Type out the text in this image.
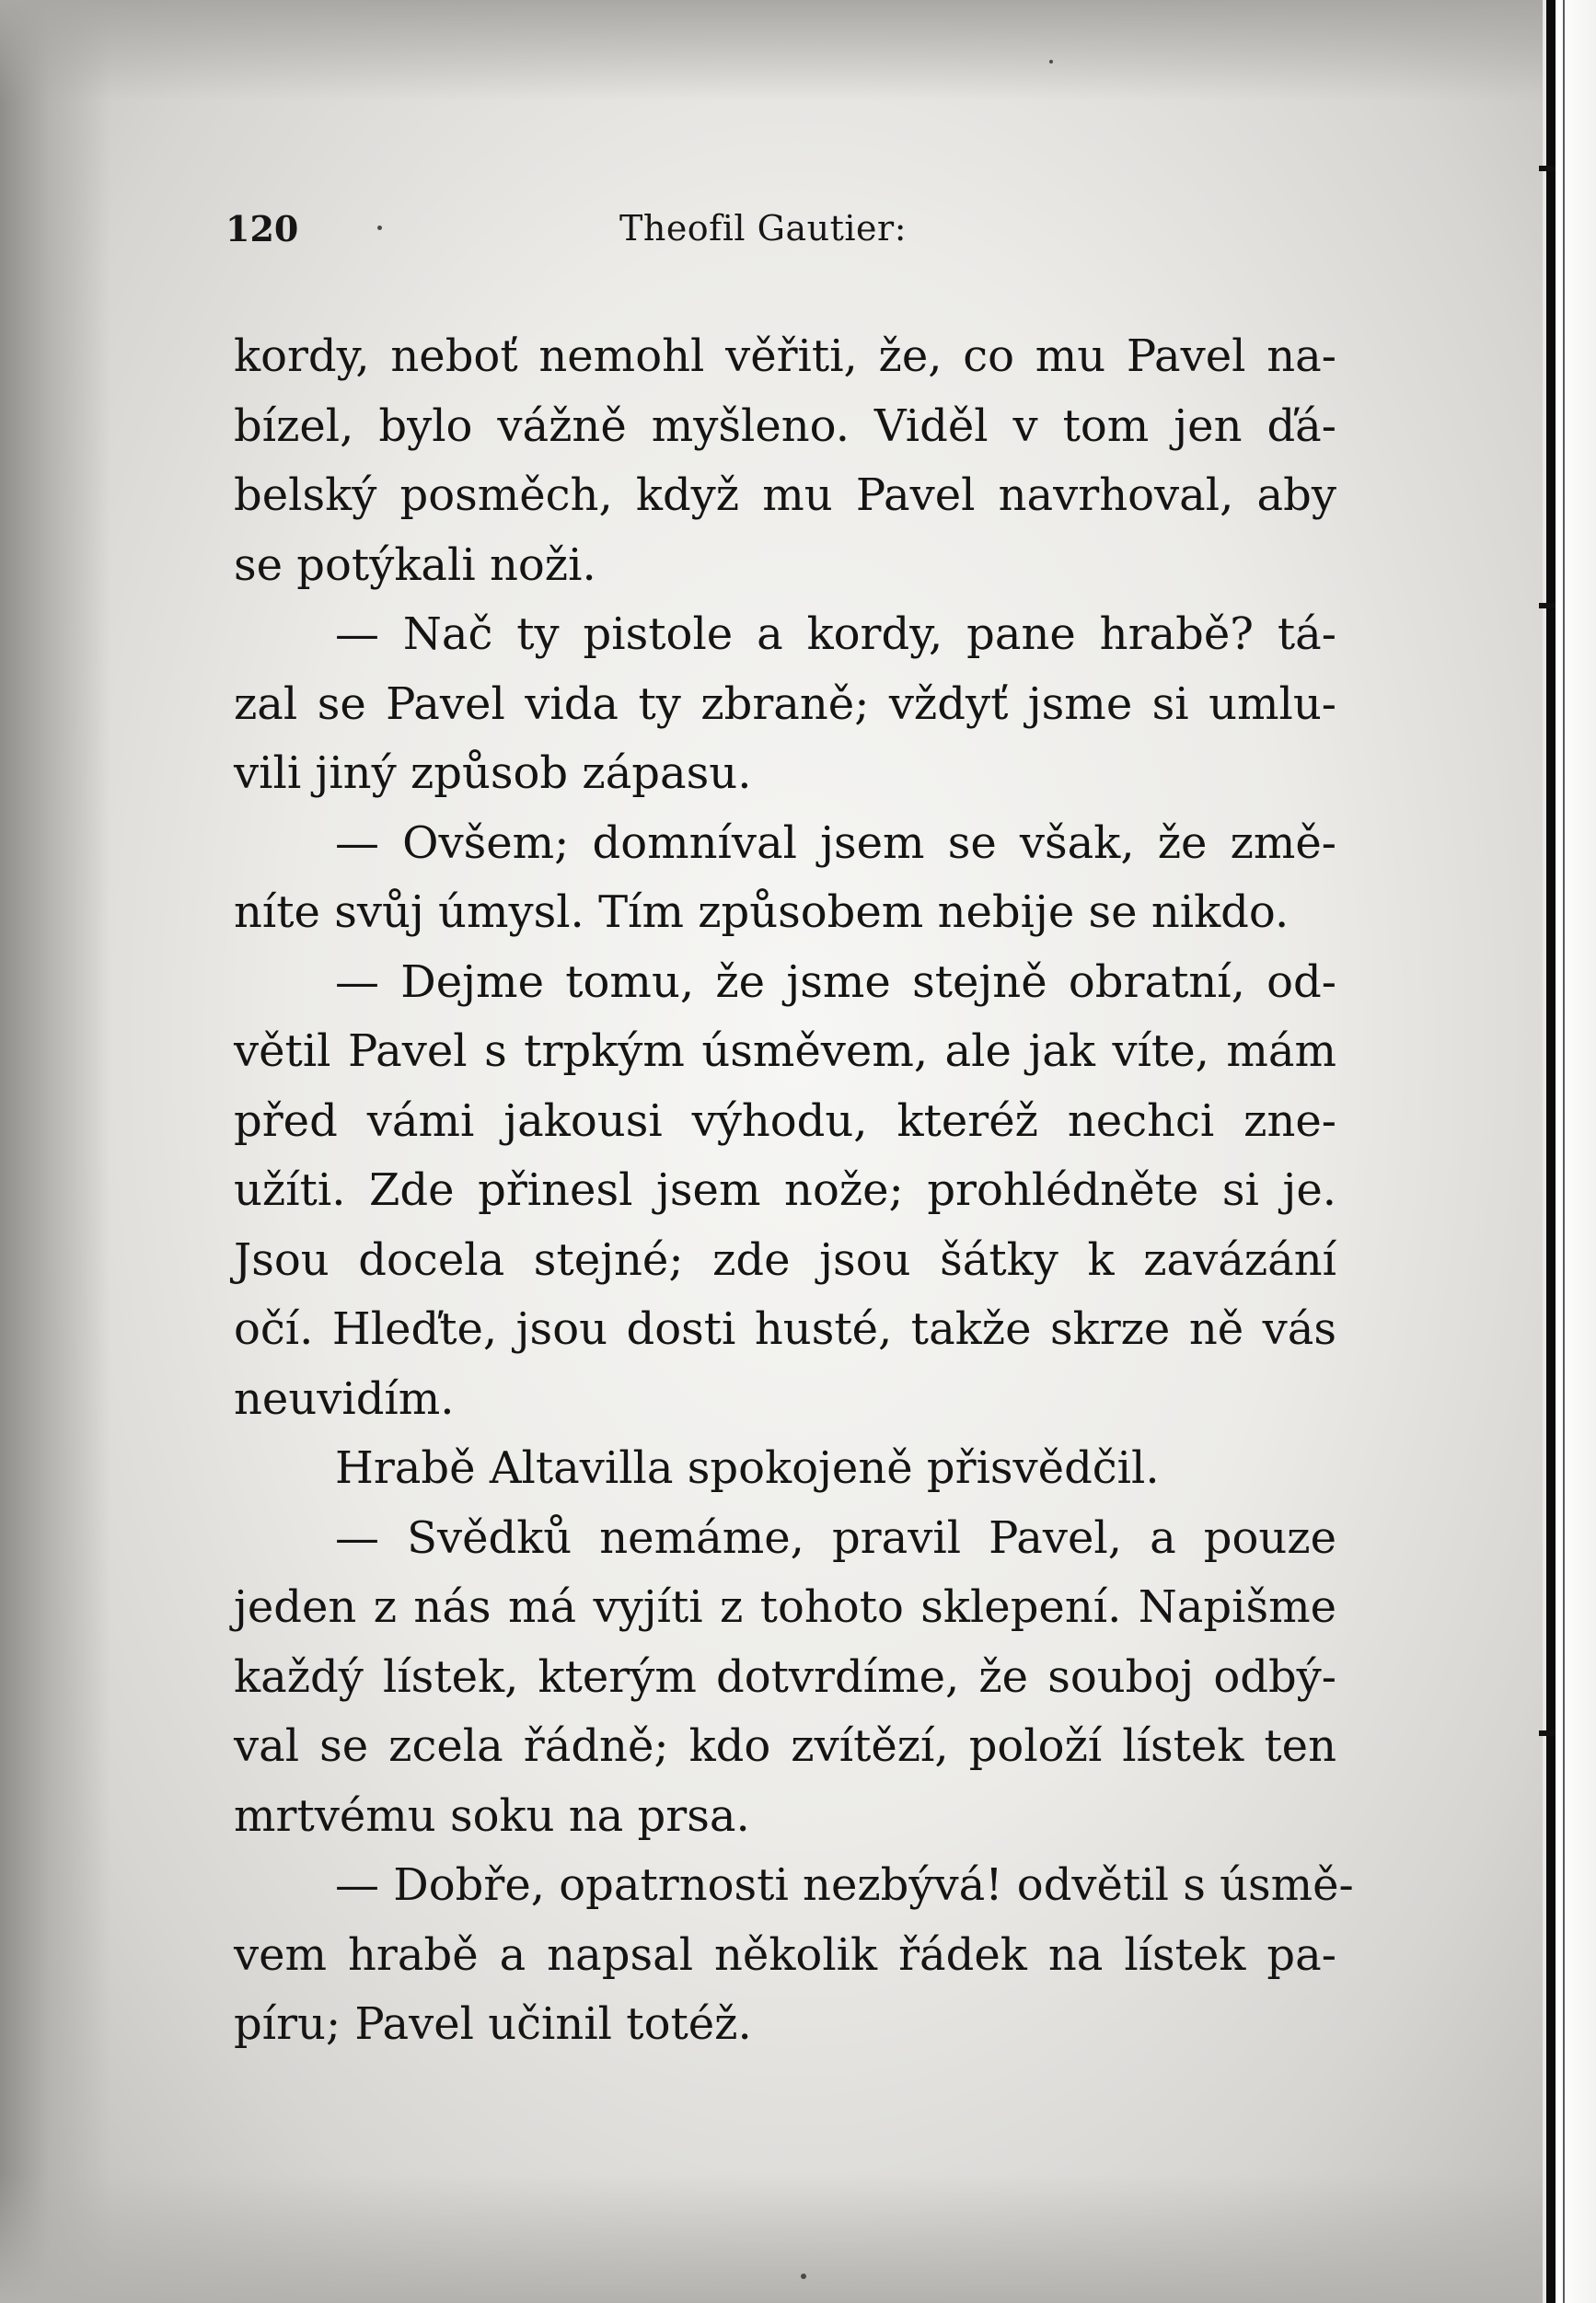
120	Theofil Gautier:
kordy, neboť nemohl věřiti, že, co mu Pavel na-
bízel, bylo vážně myšleno. Viděl v tom jen ďá-
belský posměch, když mu Pavel navrhoval, aby
se potýkali noži.
— Nač ty pistole a kordy, pane hrabě? tá-
zal se Pavel vida ty zbraně; vždyť jsme si umlu-
vili jiný způsob zápasu.
— Ovšem; domníval jsem se však, že změ-
níte svůj úmysl. Tím způsobem nebije se nikdo.
— Dejme tomu, že jsme stejně obratní, od-
větil Pavel s trpkým úsměvem, ale jak víte, mám
před vámi jakousi výhodu, kteréž nechci zne-
užíti. Zde přinesl jsem nože; prohlédněte si je.
Jsou docela stejné; zde jsou šátky k zavázání
očí. Hleďte, jsou dosti husté, takže skrze ně vás
neuvidím.
Hrabě Altavilla spokojeně přisvědčil.
— Svědků nemáme, pravil Pavel, a pouze
jeden z nás má vyjíti z tohoto sklepení. Napišme
každý lístek, kterým dotvrdíme, že souboj odbý-
val se zcela řádně; kdo zvítězí, položí lístek ten
mrtvému soku na prsa.
— Dobře, opatrnosti nezbývá! odvětil s úsmě-
vem hrabě a napsal několik řádek na lístek pa-
píru; Pavel učinil totéž.
